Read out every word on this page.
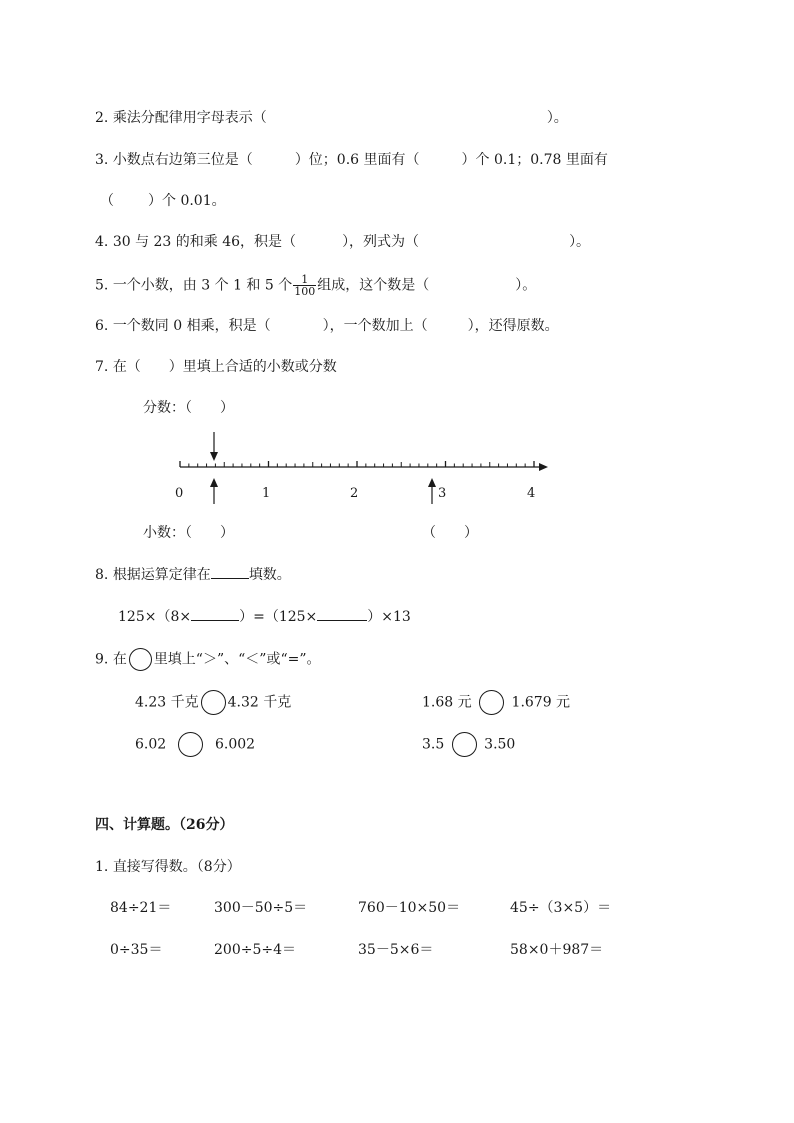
2. 乘法分配律用字母表示（	）。
3. 小数点右边第三位是（	）位；0.6 里面有（	）个 0.1；0.78 里面有
（ ）个 0.01。
4. 30 与 23 的和乘 46，积是（	），列式为（	）。
5. 一个小数，由 3 个 1 和 5 个 $\frac{1}{100}$ 组成，这个数是（	）。
6. 一个数同 0 相乘，积是（	），一个数加上（	），还得原数。
7. 在（　　）里填上合适的小数或分数
分数：（　　）
0	1	2	3	4
小数：（　　）	（　　）
8. 根据运算定律在	填数。
125×（8×	）=（125×	）×13
9. 在 里填上“＞”、“＜”或“=”。
4.23 千克 4.32 千克	1.68 元	1.679 元
6.02	6.002	3.5	3.50
四、计算题。（26分）
1. 直接写得数。（8分）
84÷21＝	300－50÷5＝	760－10×50＝	45÷（3×5）＝
0÷35＝	200÷5÷4＝	35－5×6＝	58×0＋987＝
